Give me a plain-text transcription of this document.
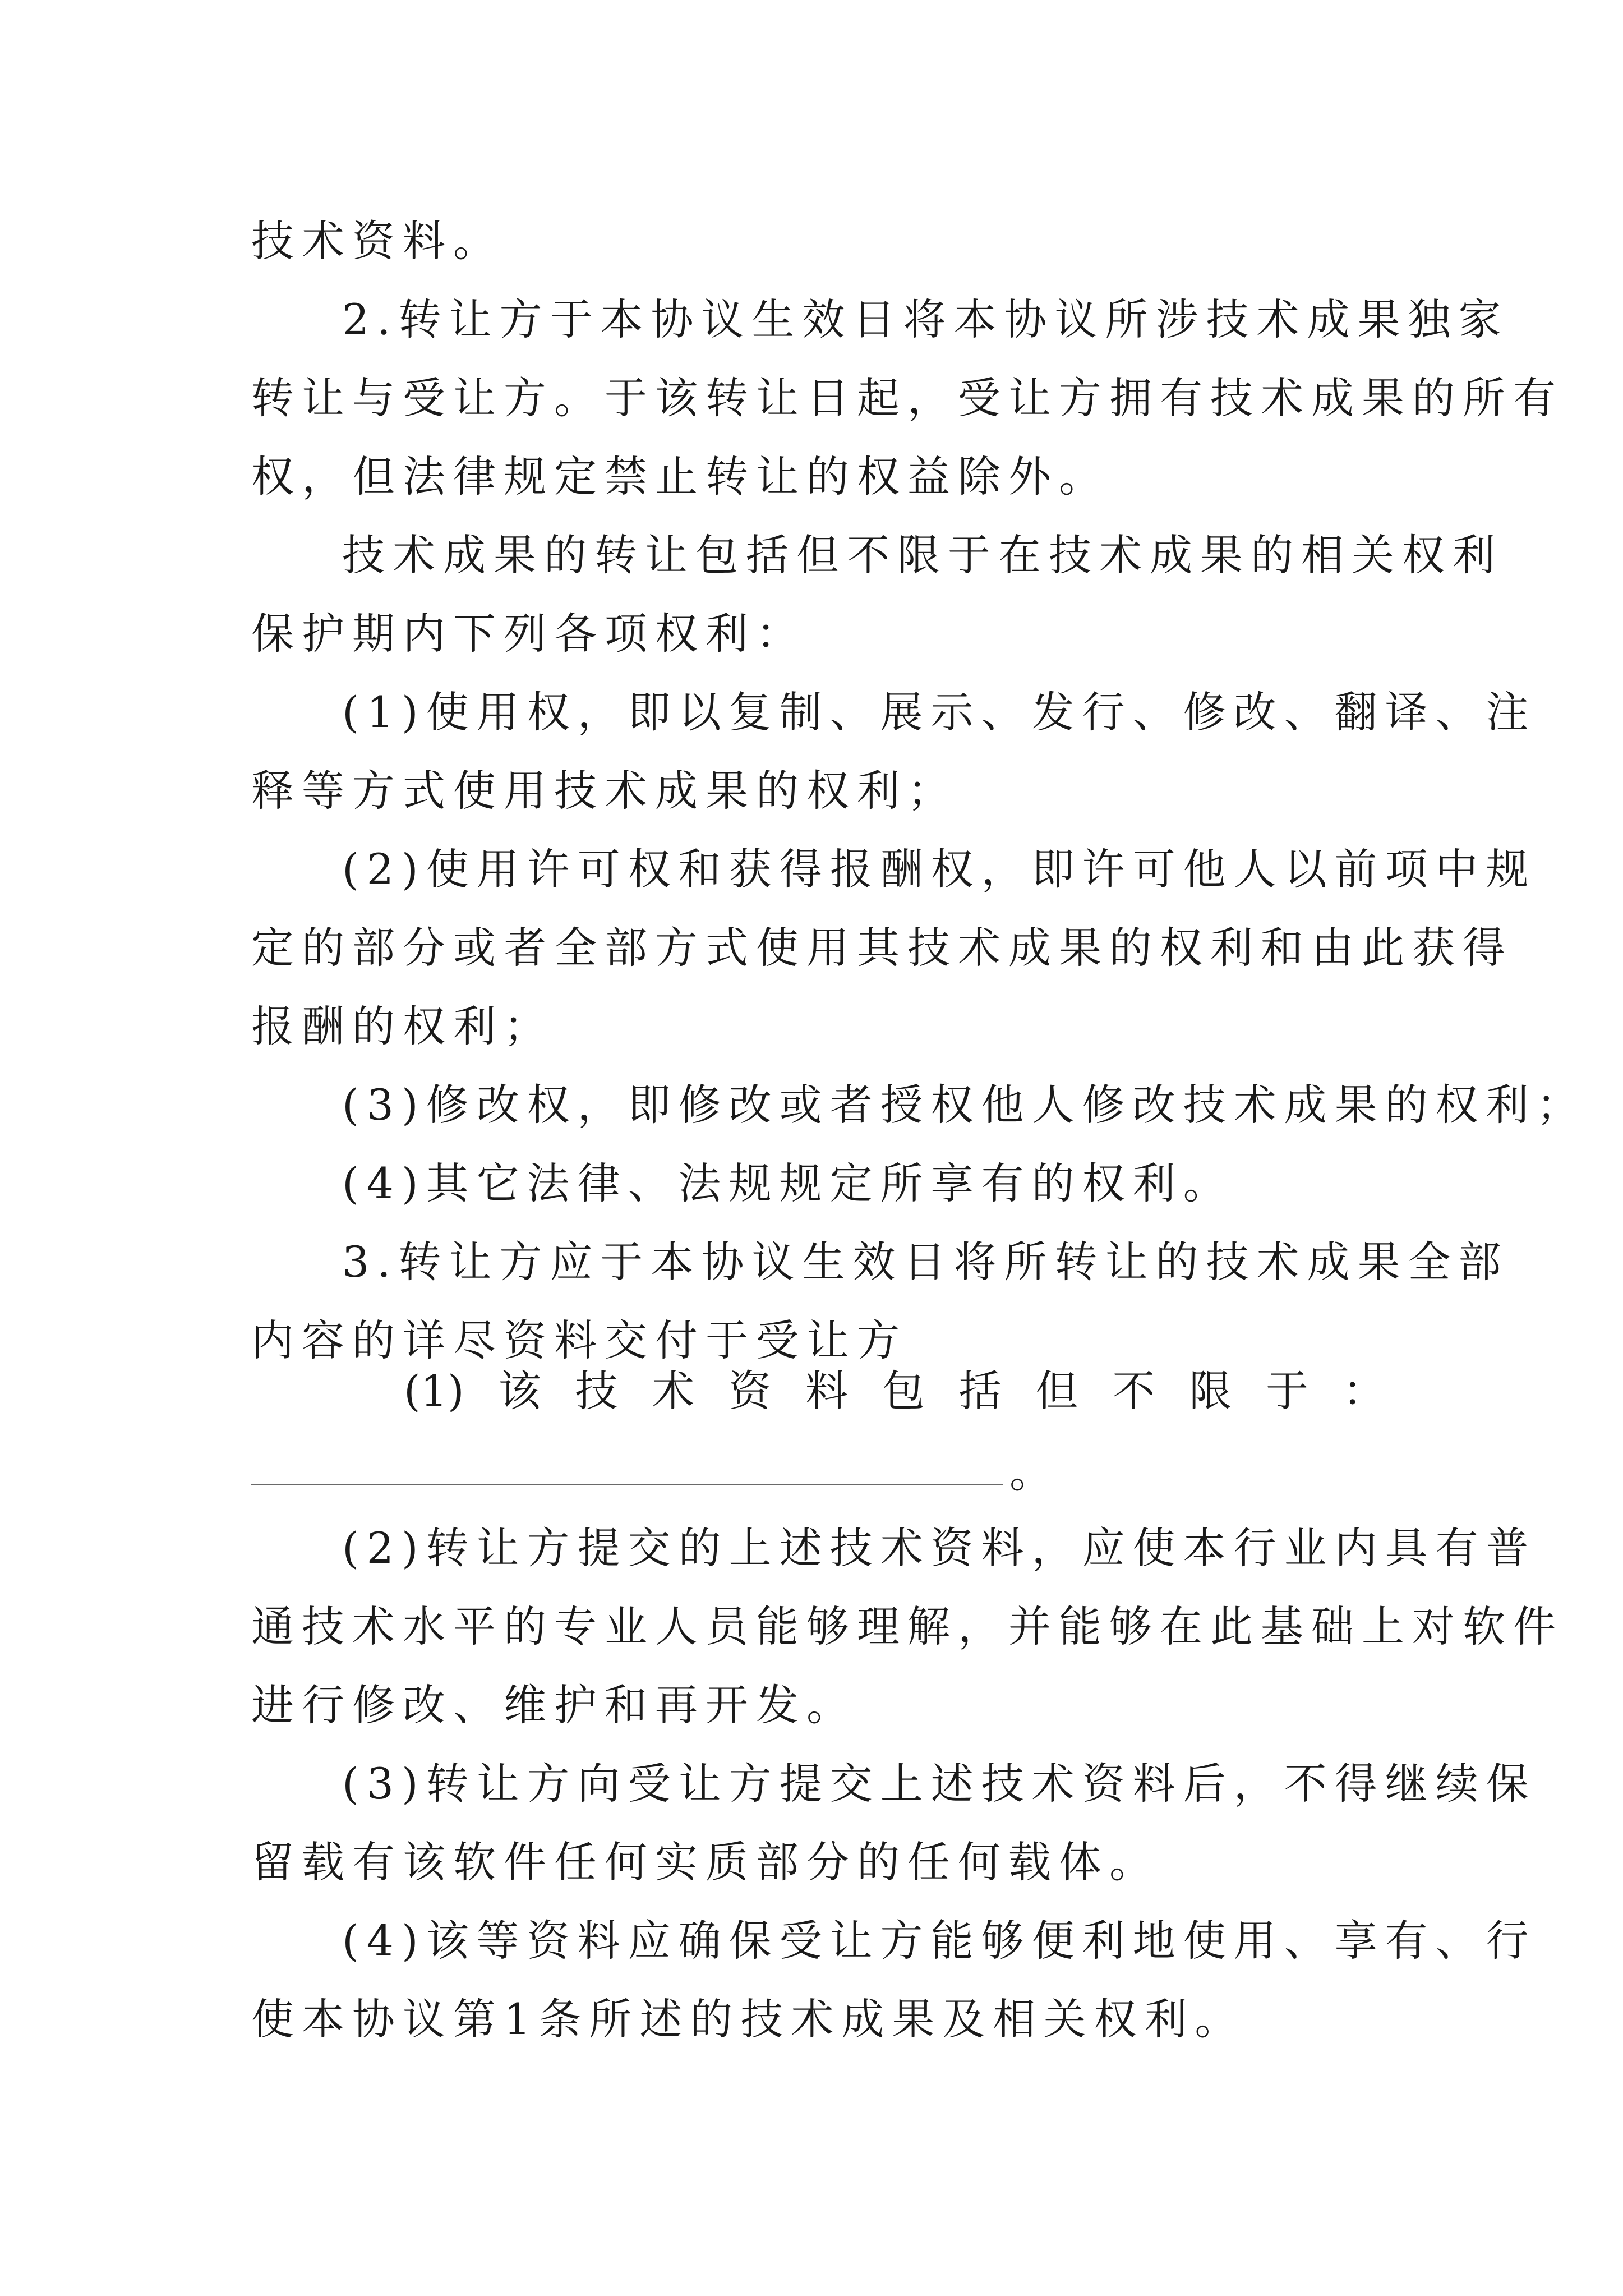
技术资料。
2.转让方于本协议生效日将本协议所涉技术成果独家
转让与受让方。于该转让日起，受让方拥有技术成果的所有
权，但法律规定禁止转让的权益除外。
技术成果的转让包括但不限于在技术成果的相关权利
保护期内下列各项权利：
(1)使用权，即以复制、展示、发行、修改、翻译、注
释等方式使用技术成果的权利；
(2)使用许可权和获得报酬权，即许可他人以前项中规
定的部分或者全部方式使用其技术成果的权利和由此获得
报酬的权利；
(3)修改权，即修改或者授权他人修改技术成果的权利；
(4)其它法律、法规规定所享有的权利。
3.转让方应于本协议生效日将所转让的技术成果全部
内容的详尽资料交付于受让方
(1) 该 技 术 资 料 包 括 但 不 限 于 ：
。
(2)转让方提交的上述技术资料，应使本行业内具有普
通技术水平的专业人员能够理解，并能够在此基础上对软件
进行修改、维护和再开发。
(3)转让方向受让方提交上述技术资料后，不得继续保
留载有该软件任何实质部分的任何载体。
(4)该等资料应确保受让方能够便利地使用、享有、行
使本协议第1条所述的技术成果及相关权利。
